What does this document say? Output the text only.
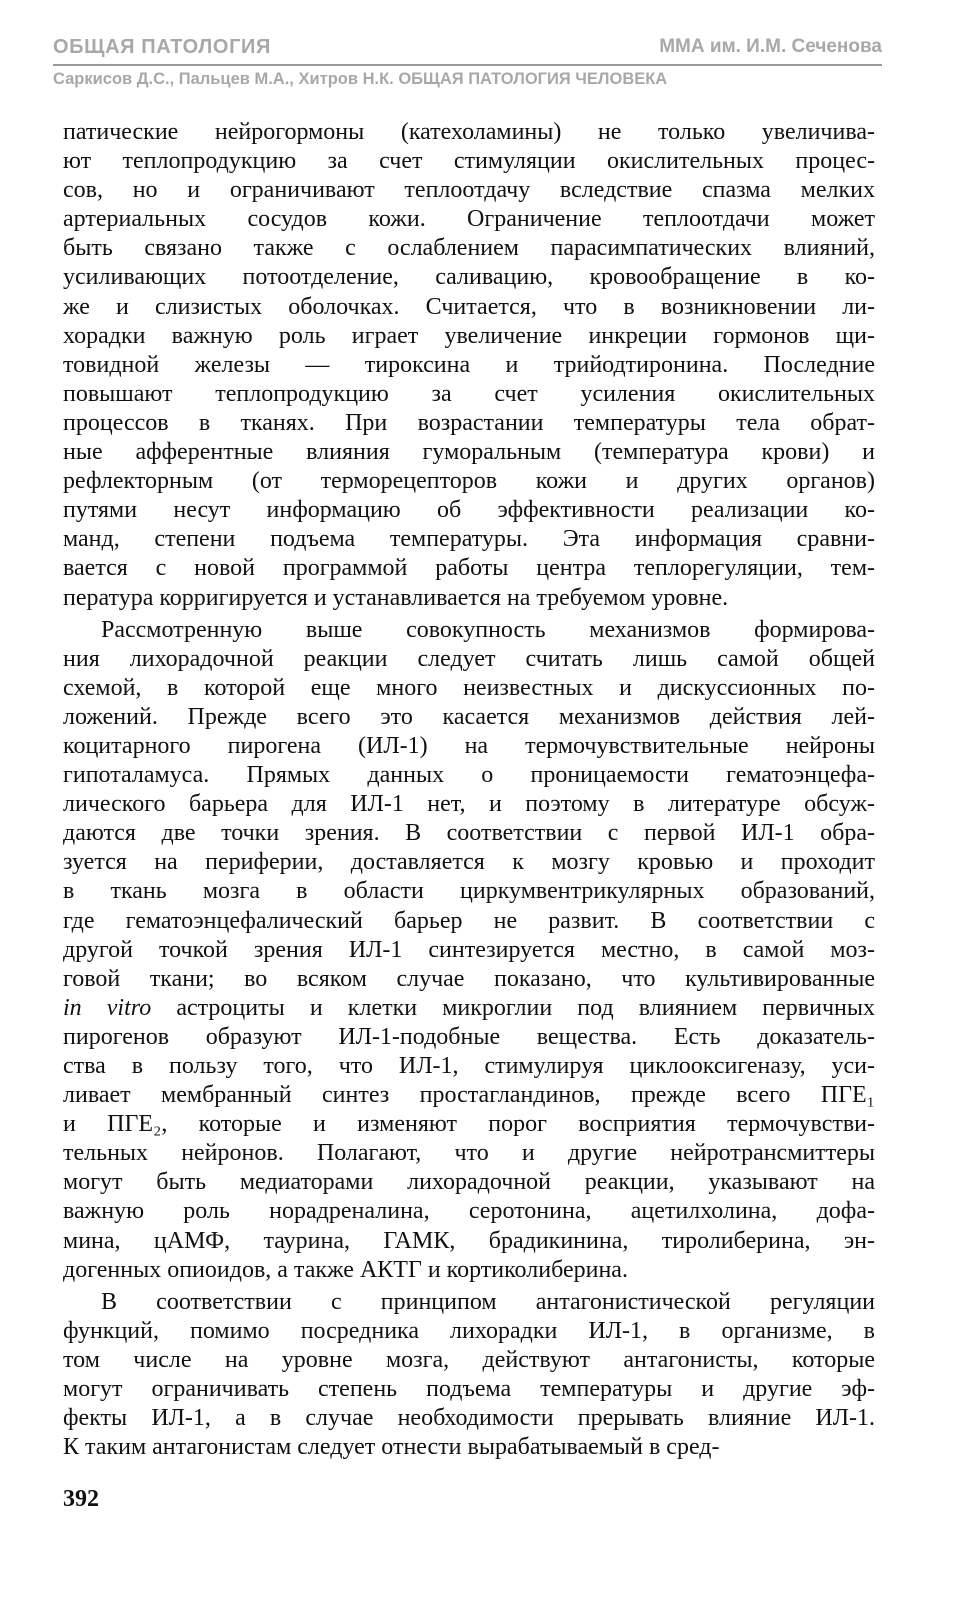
ОБЩАЯ ПАТОЛОГИЯ	ММА им. И.М. Сеченова
Саркисов Д.С., Пальцев М.А., Хитров Н.К. ОБЩАЯ ПАТОЛОГИЯ ЧЕЛОВЕКА
патические нейрогормоны (катехоламины) не только увеличива-
ют теплопродукцию за счет стимуляции окислительных процес-
сов, но и ограничивают теплоотдачу вследствие спазма мелких
артериальных сосудов кожи. Ограничение теплоотдачи может
быть связано также с ослаблением парасимпатических влияний,
усиливающих потоотделение, саливацию, кровообращение в ко-
же и слизистых оболочках. Считается, что в возникновении ли-
хорадки важную роль играет увеличение инкреции гормонов щи-
товидной железы — тироксина и трийодтиронина. Последние
повышают теплопродукцию за счет усиления окислительных
процессов в тканях. При возрастании температуры тела обрат-
ные афферентные влияния гуморальным (температура крови) и
рефлекторным (от терморецепторов кожи и других органов)
путями несут информацию об эффективности реализации ко-
манд, степени подъема температуры. Эта информация сравни-
вается с новой программой работы центра теплорегуляции, тем-
пература корригируется и устанавливается на требуемом уровне.
Рассмотренную выше совокупность механизмов формирова-
ния лихорадочной реакции следует считать лишь самой общей
схемой, в которой еще много неизвестных и дискуссионных по-
ложений. Прежде всего это касается механизмов действия лей-
коцитарного пирогена (ИЛ-1) на термочувствительные нейроны
гипоталамуса. Прямых данных о проницаемости гематоэнцефа-
лического барьера для ИЛ-1 нет, и поэтому в литературе обсуж-
даются две точки зрения. В соответствии с первой ИЛ-1 обра-
зуется на периферии, доставляется к мозгу кровью и проходит
в ткань мозга в области циркумвентрикулярных образований,
где гематоэнцефалический барьер не развит. В соответствии с
другой точкой зрения ИЛ-1 синтезируется местно, в самой моз-
говой ткани; во всяком случае показано, что культивированные
in vitro астроциты и клетки микроглии под влиянием первичных
пирогенов образуют ИЛ-1-подобные вещества. Есть доказатель-
ства в пользу того, что ИЛ-1, стимулируя циклооксигеназу, уси-
ливает мембранный синтез простагландинов, прежде всего ПГЕ₁
и ПГЕ₂, которые и изменяют порог восприятия термочувстви-
тельных нейронов. Полагают, что и другие нейротрансмиттеры
могут быть медиаторами лихорадочной реакции, указывают на
важную роль норадреналина, серотонина, ацетилхолина, дофа-
мина, цАМФ, таурина, ГАМК, брадикинина, тиролиберина, эн-
догенных опиоидов, а также АКТГ и кортиколиберина.
В соответствии с принципом антагонистической регуляции
функций, помимо посредника лихорадки ИЛ-1, в организме, в
том числе на уровне мозга, действуют антагонисты, которые
могут ограничивать степень подъема температуры и другие эф-
фекты ИЛ-1, а в случае необходимости прерывать влияние ИЛ-1.
К таким антагонистам следует отнести вырабатываемый в сред-
392
